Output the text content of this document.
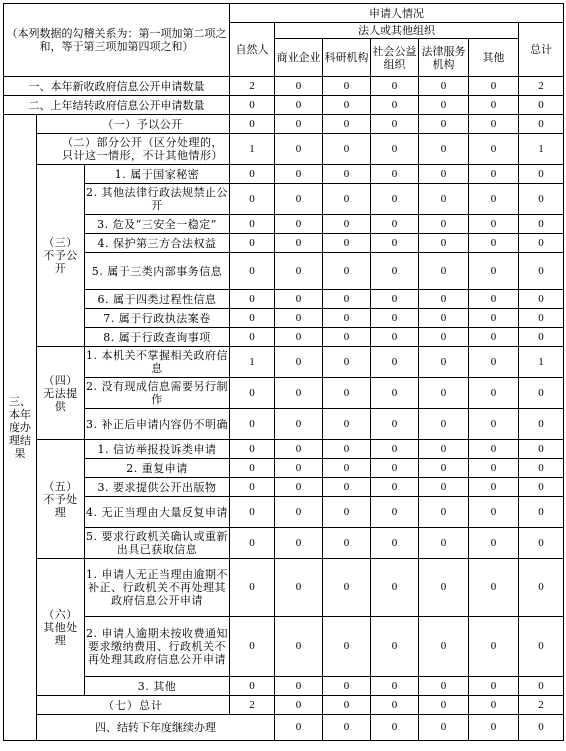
（本列数据的勾稽关系为：第一项加第二项之和，等于第三项加第四项之和）			申请人情况							
			自然人	法人或其他组织					总计	
				商业企业	科研机构	社会公益组织	法律服务机构	其他		
一、本年新收政府信息公开申请数量			2	0	0	0	0	0	2	
二、上年结转政府信息公开申请数量			0	0	0	0	0	0	0	
三、本年度办理结果	（一）予以公开		0	0	0	0	0	0	0	
	（二）部分公开（区分处理的，只计这一情形，不计其他情形）		1	0	0	0	0	0	1	
	（三）不予公开	1. 属于国家秘密	0	0	0	0	0	0	0	
		2. 其他法律行政法规禁止公开	0	0	0	0	0	0	0	
		3. 危及“三安全一稳定”	0	0	0	0	0	0	0	
		4. 保护第三方合法权益	0	0	0	0	0	0	0	
		5. 属于三类内部事务信息	0	0	0	0	0	0	0	
		6. 属于四类过程性信息	0	0	0	0	0	0	0	
		7. 属于行政执法案卷	0	0	0	0	0	0	0	
		8. 属于行政查询事项	0	0	0	0	0	0	0	
	（四）无法提供	1. 本机关不掌握相关政府信息	1	0	0	0	0	0	1	
		2. 没有现成信息需要另行制作	0	0	0	0	0	0	0	
		3. 补正后申请内容仍不明确	0	0	0	0	0	0	0	
	（五）不予处理	1. 信访举报投诉类申请	0	0	0	0	0	0	0	
		2. 重复申请	0	0	0	0	0	0	0	
		3. 要求提供公开出版物	0	0	0	0	0	0	0	
		4. 无正当理由大量反复申请	0	0	0	0	0	0	0	
		5. 要求行政机关确认或重新出具已获取信息	0	0	0	0	0	0	0	
	（六）其他处理	1. 申请人无正当理由逾期不补正、行政机关不再处理其政府信息公开申请	0	0	0	0	0	0	0	
		2. 申请人逾期未按收费通知要求缴纳费用、行政机关不再处理其政府信息公开申请	0	0	0	0	0	0	0	
		3. 其他	0	0	0	0	0	0	0	
	（七）总计		2	0	0	0	0	0	2	
	四、结转下年度继续办理			0	0	0	0	0	0	
